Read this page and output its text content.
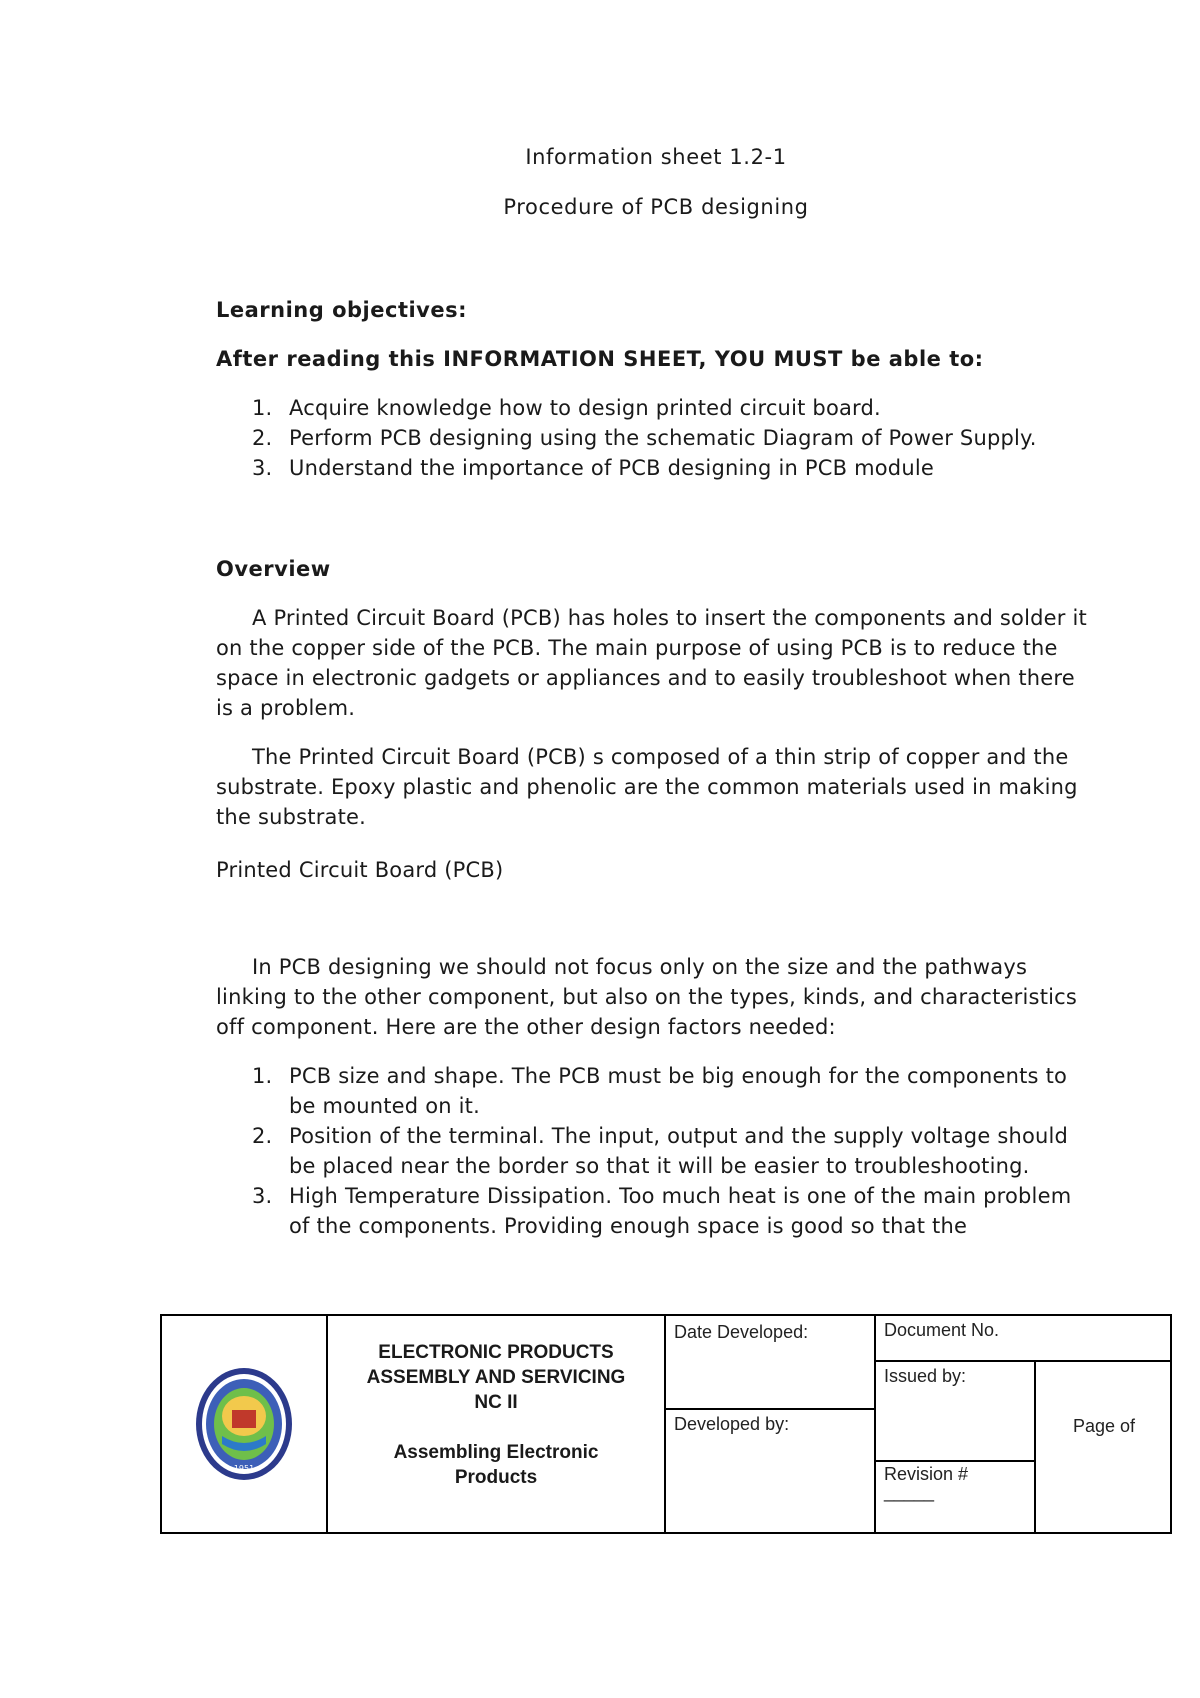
Information sheet 1.2-1
Procedure of PCB designing
Learning objectives:
After reading this INFORMATION SHEET, YOU MUST be able to:
1. Acquire knowledge how to design printed circuit board.
2. Perform PCB designing using the schematic Diagram of Power Supply.
3. Understand the importance of PCB designing in PCB module
Overview

A Printed Circuit Board (PCB) has holes to insert the components and solder it on the copper side of the PCB. The main purpose of using PCB is to reduce the space in electronic gadgets or appliances and to easily troubleshoot when there is a problem.

The Printed Circuit Board (PCB) s composed of a thin strip of copper and the substrate. Epoxy plastic and phenolic are the common materials used in making the substrate.

Printed Circuit Board (PCB)

In PCB designing we should not focus only on the size and the pathways linking to the other component, but also on the types, kinds, and characteristics off component. Here are the other design factors needed:

1. PCB size and shape. The PCB must be big enough for the components to be mounted on it.
2. Position of the terminal. The input, output and the supply voltage should be placed near the border so that it will be easier to troubleshooting.
3. High Temperature Dissipation. Too much heat is one of the main problem of the components. Providing enough space is good so that the
1951
ELECTRONIC PRODUCTS
ASSEMBLY AND SERVICING
NC II
Assembling Electronic
Products
Date Developed:
Developed by:
Document No.
Issued by:
Revision #
_____
Page of
